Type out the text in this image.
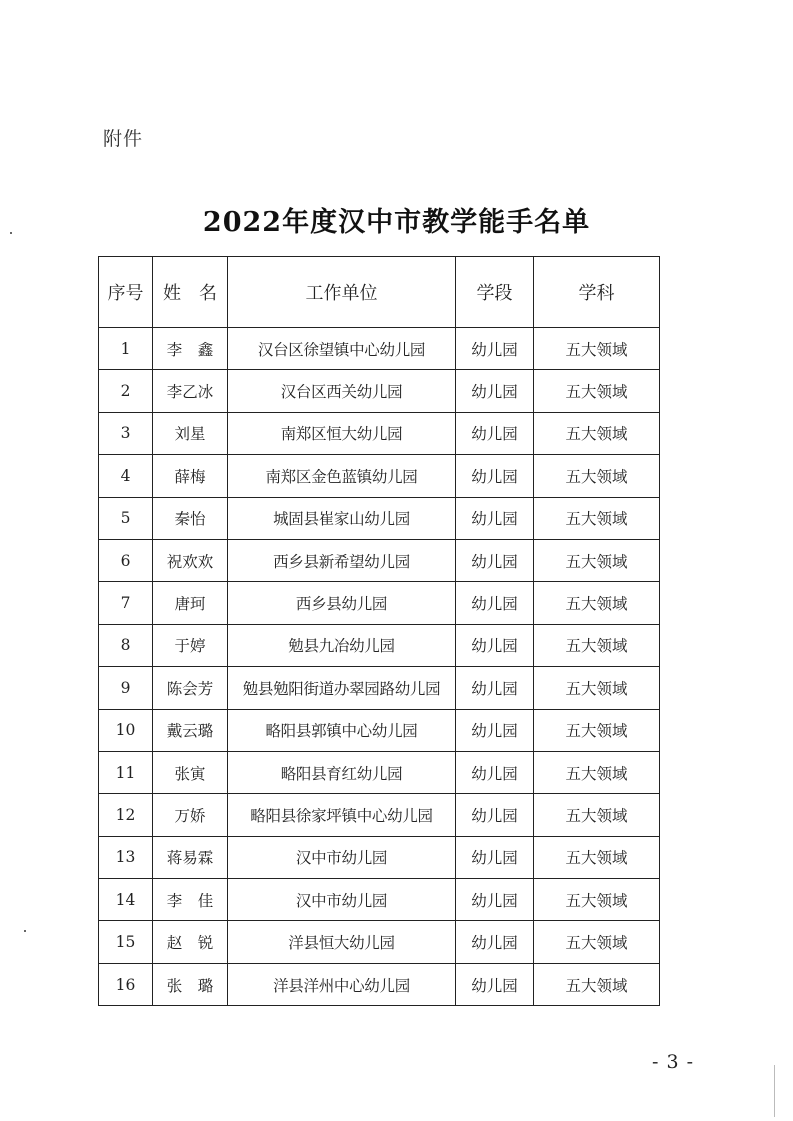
附件
2022年度汉中市教学能手名单
序号	姓　名	工作单位	学段	学科
1	李　鑫	汉台区徐望镇中心幼儿园	幼儿园	五大领域
2	李乙冰	汉台区西关幼儿园	幼儿园	五大领域
3	刘星	南郑区恒大幼儿园	幼儿园	五大领域
4	薛梅	南郑区金色蓝镇幼儿园	幼儿园	五大领域
5	秦怡	城固县崔家山幼儿园	幼儿园	五大领域
6	祝欢欢	西乡县新希望幼儿园	幼儿园	五大领域
7	唐珂	西乡县幼儿园	幼儿园	五大领域
8	于婷	勉县九冶幼儿园	幼儿园	五大领域
9	陈会芳	勉县勉阳街道办翠园路幼儿园	幼儿园	五大领域
10	戴云璐	略阳县郭镇中心幼儿园	幼儿园	五大领域
11	张寅	略阳县育红幼儿园	幼儿园	五大领域
12	万娇	略阳县徐家坪镇中心幼儿园	幼儿园	五大领域
13	蒋易霖	汉中市幼儿园	幼儿园	五大领域
14	李　佳	汉中市幼儿园	幼儿园	五大领域
15	赵　锐	洋县恒大幼儿园	幼儿园	五大领域
16	张　璐	洋县洋州中心幼儿园	幼儿园	五大领域
- 3 -
